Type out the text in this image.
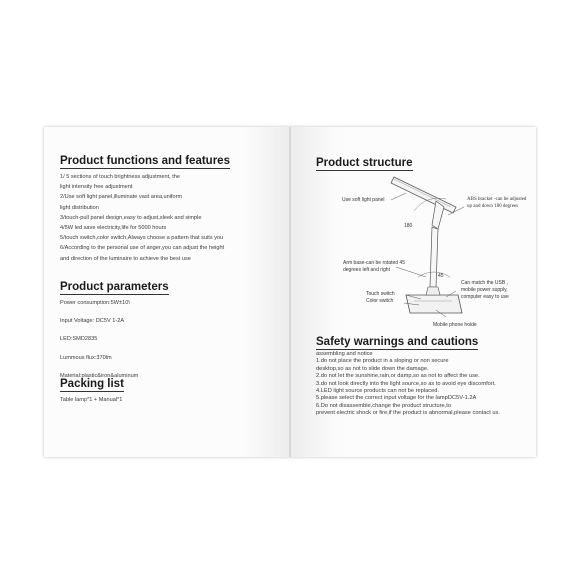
Product functions and features
1/ 5 sections of touch brightness adjustment, the
light intensity free adjustment
2/Use soft light panel,illuminate vast area,uniform
light distribution
3/touch-pull panel design,easy to adjust,sleek and simple
4/5W led save electricity,life for 5000 hours
5/touch switch,color switch,Always choose a pattern that suits you
6/According to the personal use of anger,you can adjust the height
and direction of the luminaire to achieve the best use
Product parameters
Power consumption:5W±10\
Input Voltage: DC5V 1-2A
LED:SMD2835
Lummous flux:370lm
Material:plastic&iron&aluminum
Packing list
Table lamp*1 + Manual*1
Product structure
Use soft light panel	ABS bracket -can be adjusted
up and down 180 degrees
180
Arm base-can be rotated 45
degrees left and right
45
Touch switch
Color switch
Can match the USB ,
mobile power supply,
computer easy to use
Mobile phone holde
Safety warnings and cautions
assembling and notice
1.do not place the product in a sloping or non secure
desktop,so as not to slide down the damage.
2.do not let the sunshine,rain,or damp,so as not to affect the use.
3.do not look directly into the light source,so as to avoid eye discomfort.
4.LED light source products can not be replaced.
5.please select the correct input voltage for the lampDC5V-1.2A
6.Do not disassemble,change the product structure,to
prevent electric shock or fire,if the product is abnormal,please contact us.
